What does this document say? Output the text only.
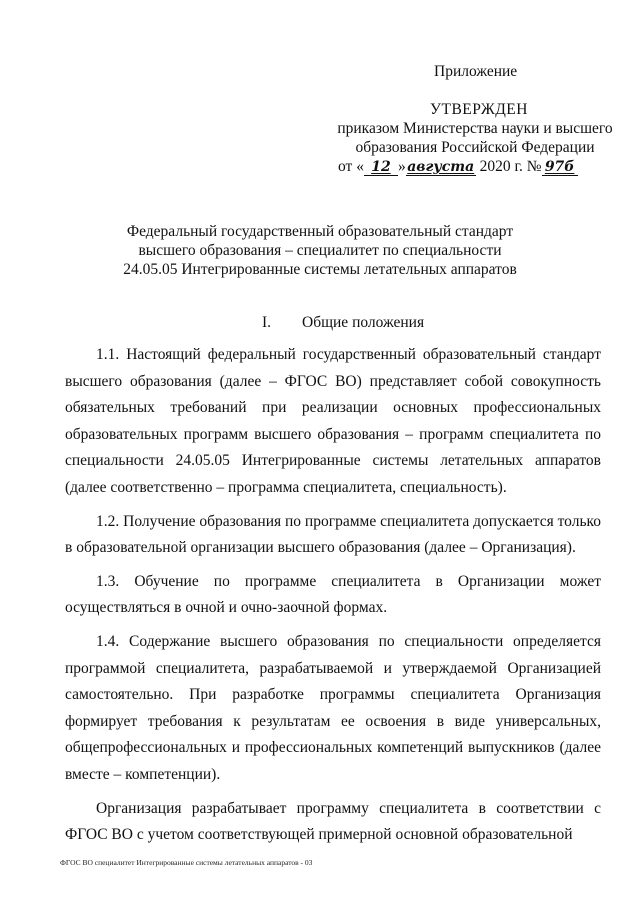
Приложение
УТВЕРЖДЕН
приказом Министерства науки и высшего
образования Российской Федерации
от « 12 » августа 2020 г. № 97б
Федеральный государственный образовательный стандарт
высшего образования – специалитет по специальности
24.05.05 Интегрированные системы летательных аппаратов
I. Общие положения

1.1. Настоящий федеральный государственный образовательный стандарт высшего образования (далее – ФГОС ВО) представляет собой совокупность обязательных требований при реализации основных профессиональных образовательных программ высшего образования – программ специалитета по специальности 24.05.05 Интегрированные системы летательных аппаратов (далее соответственно – программа специалитета, специальность).

1.2. Получение образования по программе специалитета допускается только в образовательной организации высшего образования (далее – Организация).

1.3. Обучение по программе специалитета в Организации может осуществляться в очной и очно-заочной формах.

1.4. Содержание высшего образования по специальности определяется программой специалитета, разрабатываемой и утверждаемой Организацией самостоятельно. При разработке программы специалитета Организация формирует требования к результатам ее освоения в виде универсальных, общепрофессиональных и профессиональных компетенций выпускников (далее вместе – компетенции).

Организация разрабатывает программу специалитета в соответствии с ФГОС ВО с учетом соответствующей примерной основной образовательной

ФГОС ВО специалитет Интегрированные системы летательных аппаратов - 03
